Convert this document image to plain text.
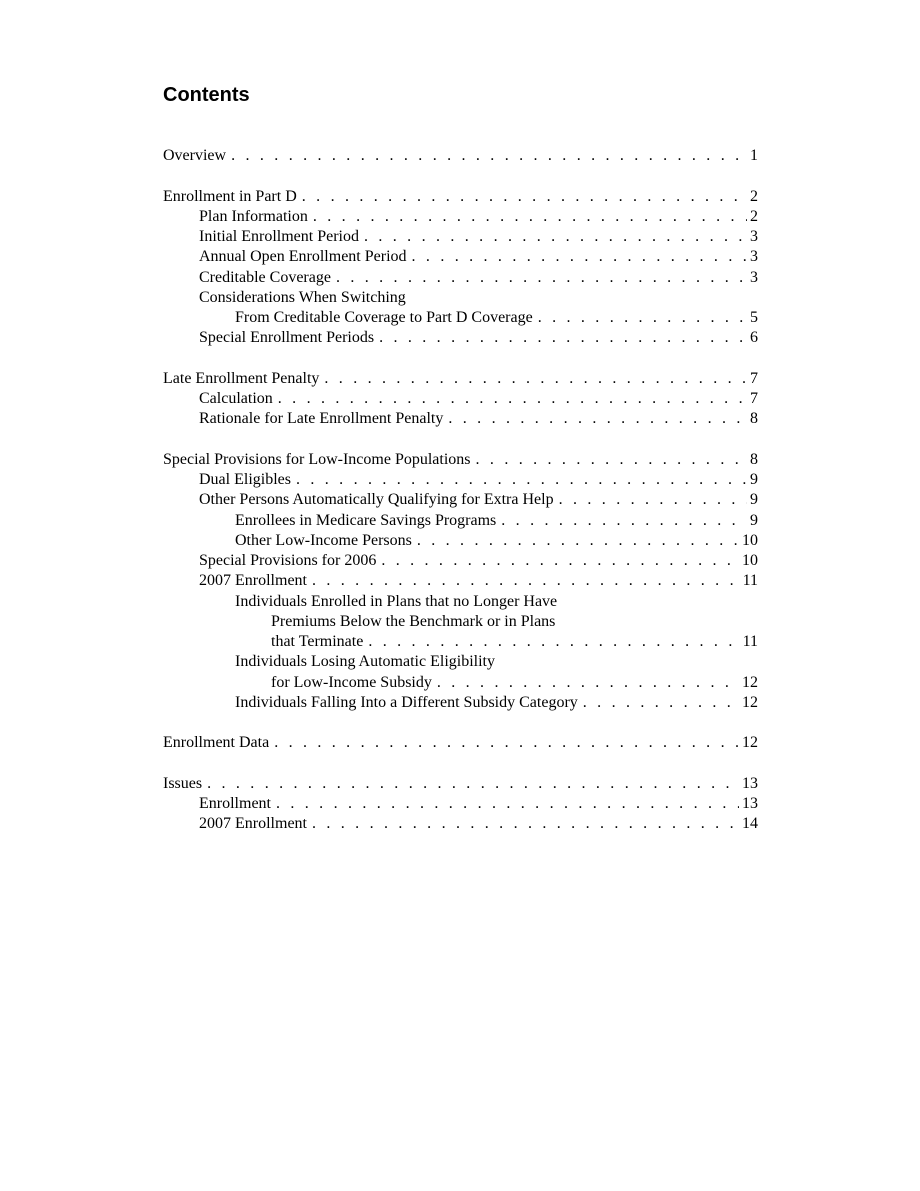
Contents
Overview . . .	1
Enrollment in Part D . . .	2
Plan Information . . .	2
Initial Enrollment Period . . .	3
Annual Open Enrollment Period . . .	3
Creditable Coverage . . .	3
Considerations When Switching
From Creditable Coverage to Part D Coverage . . .	5
Special Enrollment Periods . . .	6
Late Enrollment Penalty . . .	7
Calculation . . .	7
Rationale for Late Enrollment Penalty . . .	8
Special Provisions for Low-Income Populations . . .	8
Dual Eligibles . . .	9
Other Persons Automatically Qualifying for Extra Help . . .	9
Enrollees in Medicare Savings Programs . . .	9
Other Low-Income Persons . . .	10
Special Provisions for 2006 . . .	10
2007 Enrollment . . .	11
Individuals Enrolled in Plans that no Longer Have
Premiums Below the Benchmark or in Plans
that Terminate . . .	11
Individuals Losing Automatic Eligibility
for Low-Income Subsidy . . .	12
Individuals Falling Into a Different Subsidy Category . . .	12
Enrollment Data . . .	12
Issues . . .	13
Enrollment . . .	13
2007 Enrollment . . .	14
